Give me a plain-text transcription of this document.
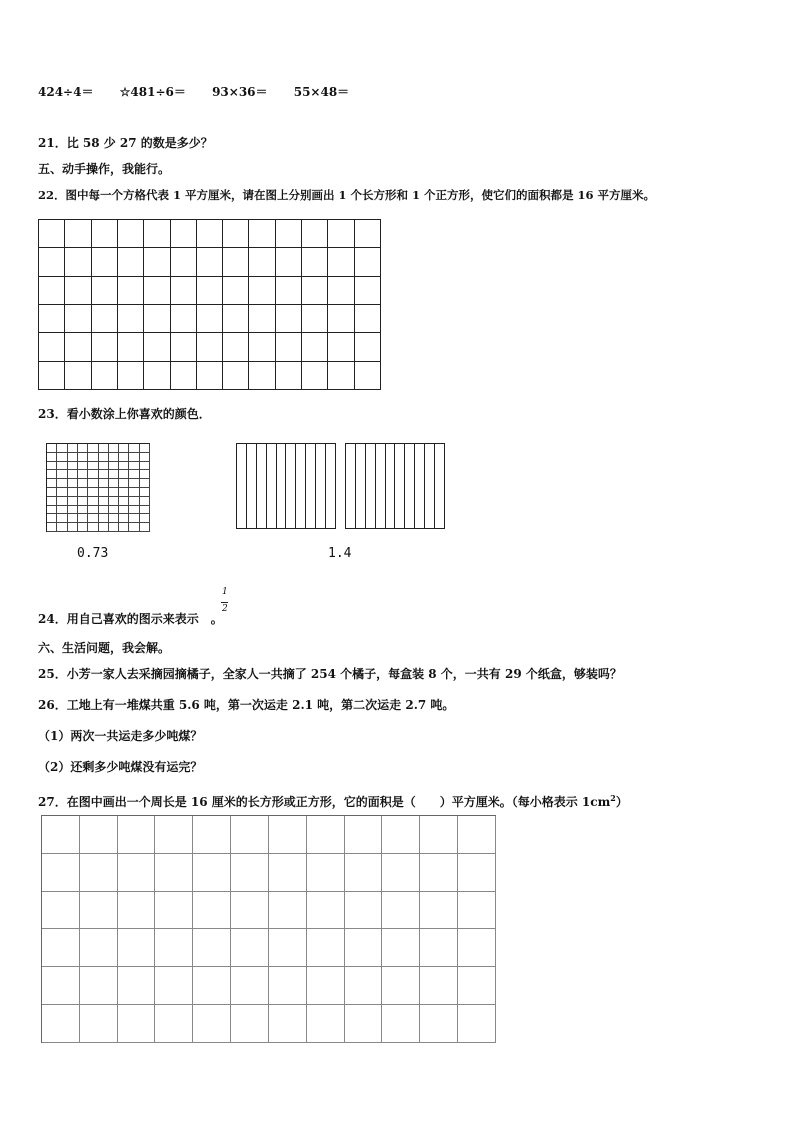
424÷4＝ ☆481÷6＝ 93×36＝ 55×48＝
21．比 58 少 27 的数是多少？
五、动手操作，我能行。
22．图中每一个方格代表 1 平方厘米，请在图上分别画出 1 个长方形和 1 个正方形，使它们的面积都是 16 平方厘米。
23．看小数涂上你喜欢的颜色．
0.73	1.4
24．用自己喜欢的图示来表示 。
1
2
六、生活问题，我会解。
25．小芳一家人去采摘园摘橘子，全家人一共摘了 254 个橘子，每盒装 8 个，一共有 29 个纸盒，够装吗？
26．工地上有一堆煤共重 5.6 吨，第一次运走 2.1 吨，第二次运走 2.7 吨。
（1）两次一共运走多少吨煤？
（2）还剩多少吨煤没有运完？
27．在图中画出一个周长是 16 厘米的长方形或正方形，它的面积是（　　）平方厘米。（每小格表示 $1cm^2$）
